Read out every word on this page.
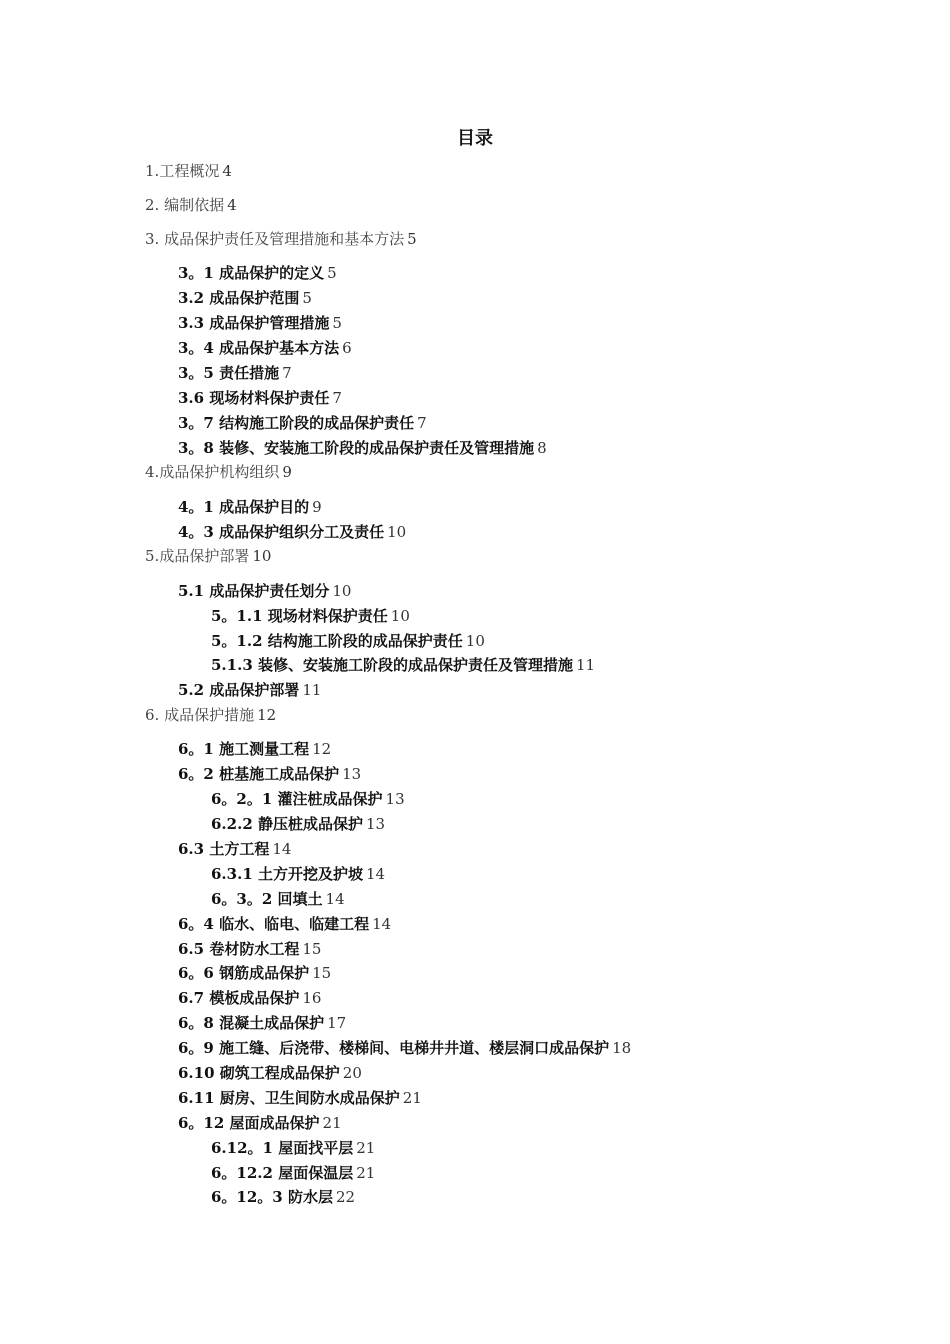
目录
1.工程概况 4
2. 编制依据 4
3. 成品保护责任及管理措施和基本方法 5
3。1 成品保护的定义 5
3.2 成品保护范围 5
3.3 成品保护管理措施 5
3。4 成品保护基本方法 6
3。5 责任措施 7
3.6 现场材料保护责任 7
3。7 结构施工阶段的成品保护责任 7
3。8 装修、安装施工阶段的成品保护责任及管理措施 8
4.成品保护机构组织 9
4。1 成品保护目的 9
4。3 成品保护组织分工及责任 10
5.成品保护部署 10
5.1 成品保护责任划分 10
5。1.1 现场材料保护责任 10
5。1.2 结构施工阶段的成品保护责任 10
5.1.3 装修、安装施工阶段的成品保护责任及管理措施 11
5.2 成品保护部署 11
6. 成品保护措施 12
6。1 施工测量工程 12
6。2 桩基施工成品保护 13
6。2。1 灌注桩成品保护 13
6.2.2 静压桩成品保护 13
6.3 土方工程 14
6.3.1 土方开挖及护坡 14
6。3。2 回填土 14
6。4 临水、临电、临建工程 14
6.5 卷材防水工程 15
6。6 钢筋成品保护 15
6.7 模板成品保护 16
6。8 混凝土成品保护 17
6。9 施工缝、后浇带、楼梯间、电梯井井道、楼层洞口成品保护 18
6.10 砌筑工程成品保护 20
6.11 厨房、卫生间防水成品保护 21
6。12 屋面成品保护 21
6.12。1 屋面找平层 21
6。12.2 屋面保温层 21
6。12。3 防水层 22
